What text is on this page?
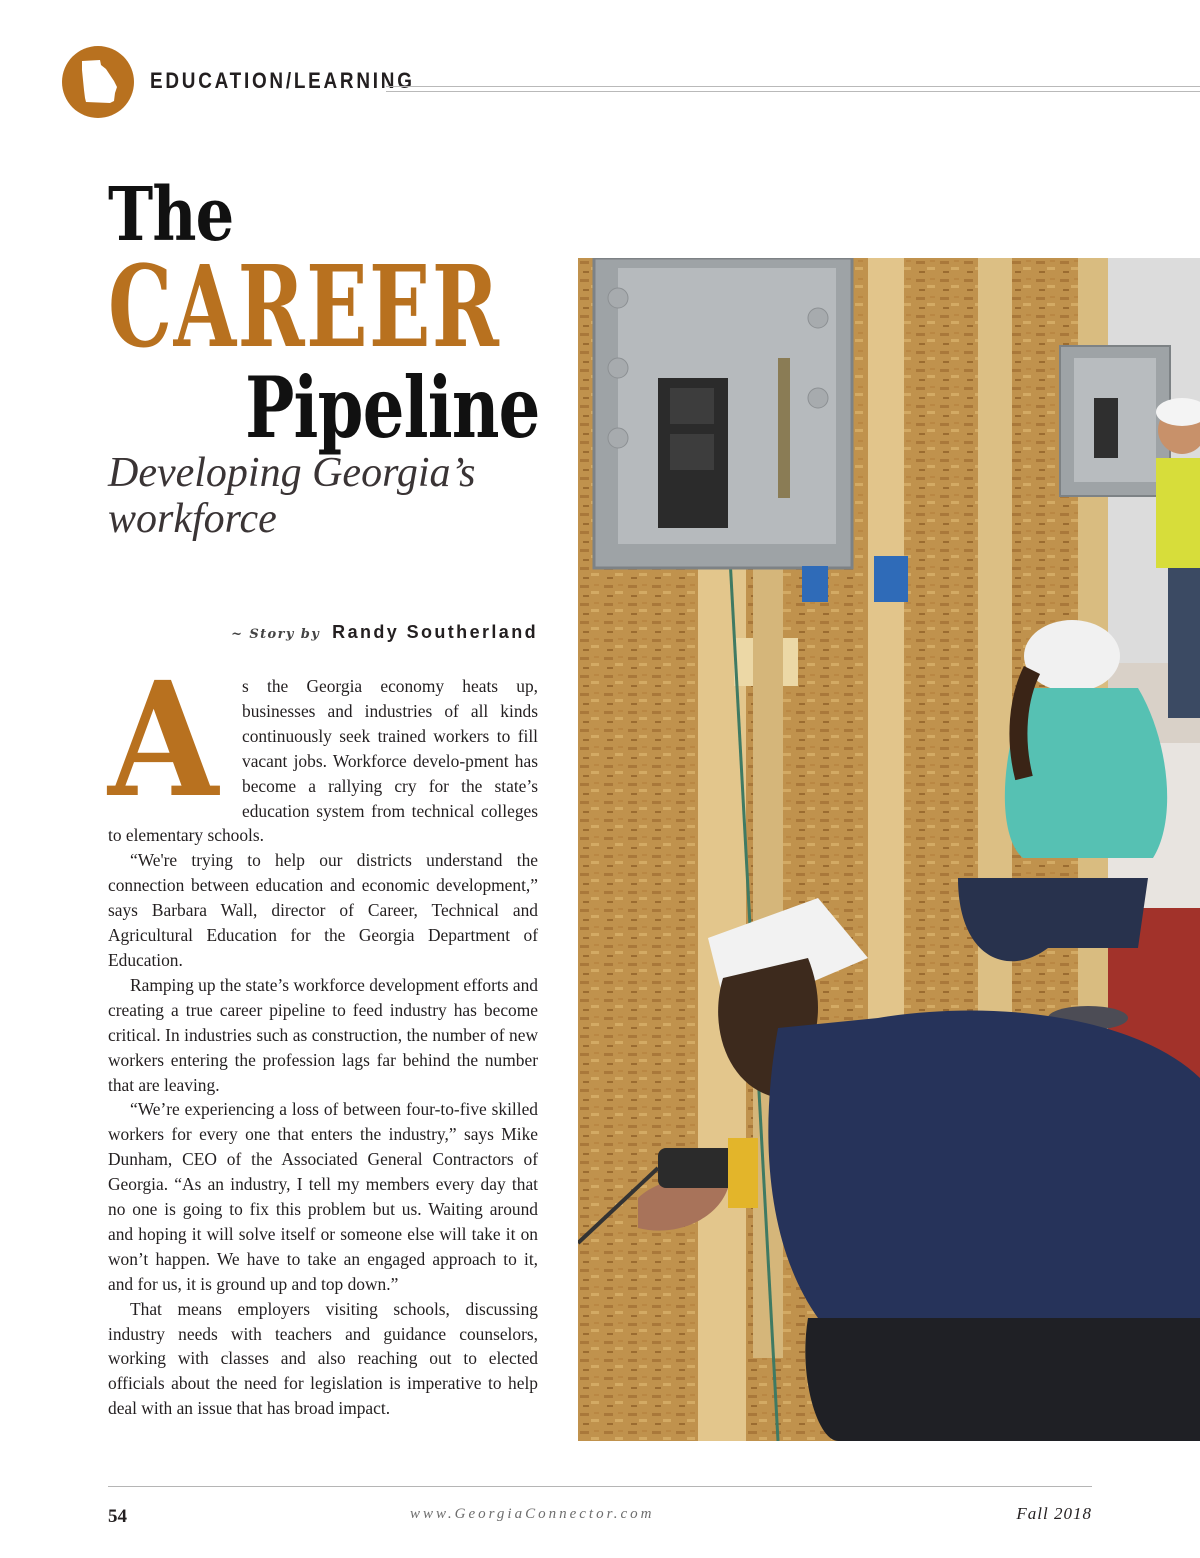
EDUCATION/LEARNING
The
CAREER
Pipeline
Developing Georgia’s workforce
~ Story by Randy Southerland
A	s the Georgia economy heats up, businesses and industries of all kinds continuously seek trained workers to fill vacant jobs. Workforce develo-pment has become a rallying cry for the state’s education system from technical colleges to elementary schools.

“We're trying to help our districts understand the connection between education and economic development,” says Barbara Wall, director of Career, Technical and Agricultural Education for the Georgia Department of Education.

Ramping up the state’s workforce development efforts and creating a true career pipeline to feed industry has become critical. In industries such as construction, the number of new workers entering the profession lags far behind the number that are leaving.

“We’re experiencing a loss of between four-to-five skilled workers for every one that enters the industry,” says Mike Dunham, CEO of the Associated General Contractors of Georgia. “As an industry, I tell my members every day that no one is going to fix this problem but us. Waiting around and hoping it will solve itself or someone else will take it on won’t happen. We have to take an engaged approach to it, and for us, it is ground up and top down.”

That means employers visiting schools, discussing industry needs with teachers and guidance counselors, working with classes and also reaching out to elected officials about the need for legislation is imperative to help deal with an issue that has broad impact.

54	www.GeorgiaConnector.com	Fall 2018
